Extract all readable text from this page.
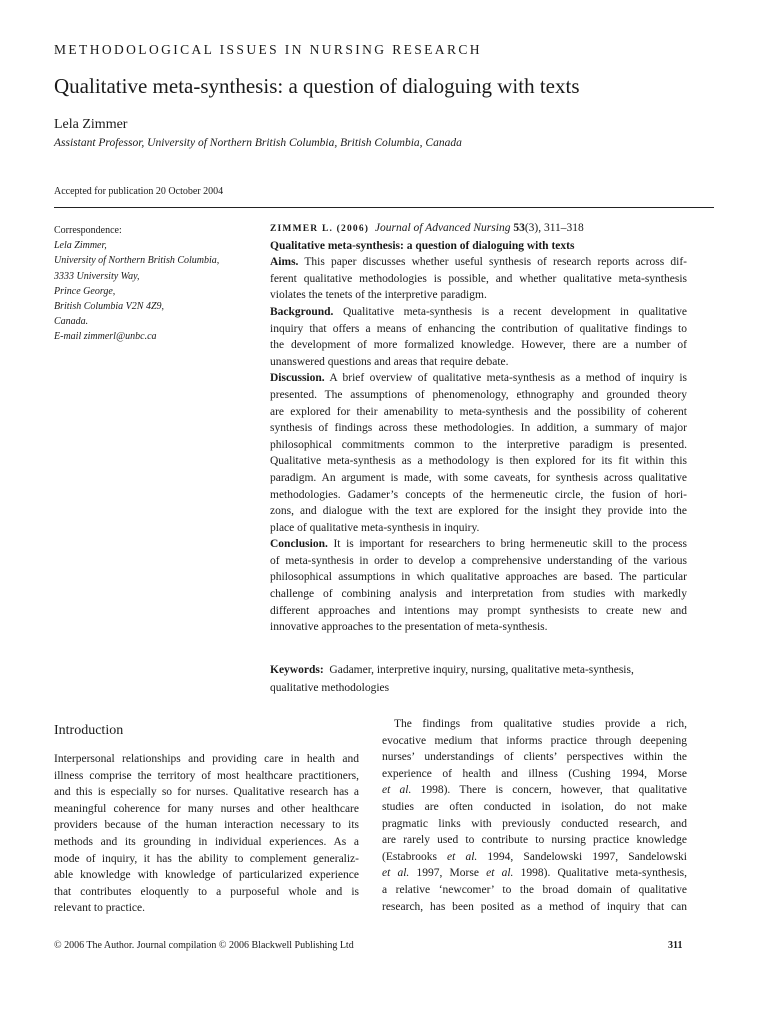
METHODOLOGICAL ISSUES IN NURSING RESEARCH
Qualitative meta-synthesis: a question of dialoguing with texts
Lela Zimmer
Assistant Professor, University of Northern British Columbia, British Columbia, Canada
Accepted for publication 20 October 2004
Correspondence:
Lela Zimmer,
University of Northern British Columbia,
3333 University Way,
Prince George,
British Columbia V2N 4Z9,
Canada.
E-mail zimmerl@unbc.ca
ZIMMER L. (2006) Journal of Advanced Nursing 53(3), 311–318
Qualitative meta-synthesis: a question of dialoguing with texts
Aims. This paper discusses whether useful synthesis of research reports across dif-
ferent qualitative methodologies is possible, and whether qualitative meta-synthesis
violates the tenets of the interpretive paradigm.
Background. Qualitative meta-synthesis is a recent development in qualitative
inquiry that offers a means of enhancing the contribution of qualitative findings to
the development of more formalized knowledge. However, there are a number of
unanswered questions and areas that require debate.
Discussion. A brief overview of qualitative meta-synthesis as a method of inquiry is
presented. The assumptions of phenomenology, ethnography and grounded theory
are explored for their amenability to meta-synthesis and the possibility of coherent
synthesis of findings across these methodologies. In addition, a summary of major
philosophical commitments common to the interpretive paradigm is presented.
Qualitative meta-synthesis as a methodology is then explored for its fit within this
paradigm. An argument is made, with some caveats, for synthesis across qualitative
methodologies. Gadamer’s concepts of the hermeneutic circle, the fusion of hori-
zons, and dialogue with the text are explored for the insight they provide into the
place of qualitative meta-synthesis in inquiry.
Conclusion. It is important for researchers to bring hermeneutic skill to the process
of meta-synthesis in order to develop a comprehensive understanding of the various
philosophical assumptions in which qualitative approaches are based. The particular
challenge of combining analysis and interpretation from studies with markedly
different approaches and intentions may prompt synthesists to create new and
innovative approaches to the presentation of meta-synthesis.
Keywords: Gadamer, interpretive inquiry, nursing, qualitative meta-synthesis,
qualitative methodologies
Introduction
Interpersonal relationships and providing care in health and
illness comprise the territory of most healthcare practitioners,
and this is especially so for nurses. Qualitative research has a
meaningful coherence for many nurses and other healthcare
providers because of the human interaction necessary to its
methods and its grounding in individual experiences. As a
mode of inquiry, it has the ability to complement generaliz-
able knowledge with knowledge of particularized experience
that contributes eloquently to a purposeful whole and is
relevant to practice.
The findings from qualitative studies provide a rich,
evocative medium that informs practice through deepening
nurses’ understandings of clients’ perspectives within the
experience of health and illness (Cushing 1994, Morse
et al. 1998). There is concern, however, that qualitative
studies are often conducted in isolation, do not make
pragmatic links with previously conducted research, and
are rarely used to contribute to nursing practice knowledge
(Estabrooks et al. 1994, Sandelowski 1997, Sandelowski
et al. 1997, Morse et al. 1998). Qualitative meta-synthesis,
a relative ‘newcomer’ to the broad domain of qualitative
research, has been posited as a method of inquiry that can
© 2006 The Author. Journal compilation © 2006 Blackwell Publishing Ltd	311
